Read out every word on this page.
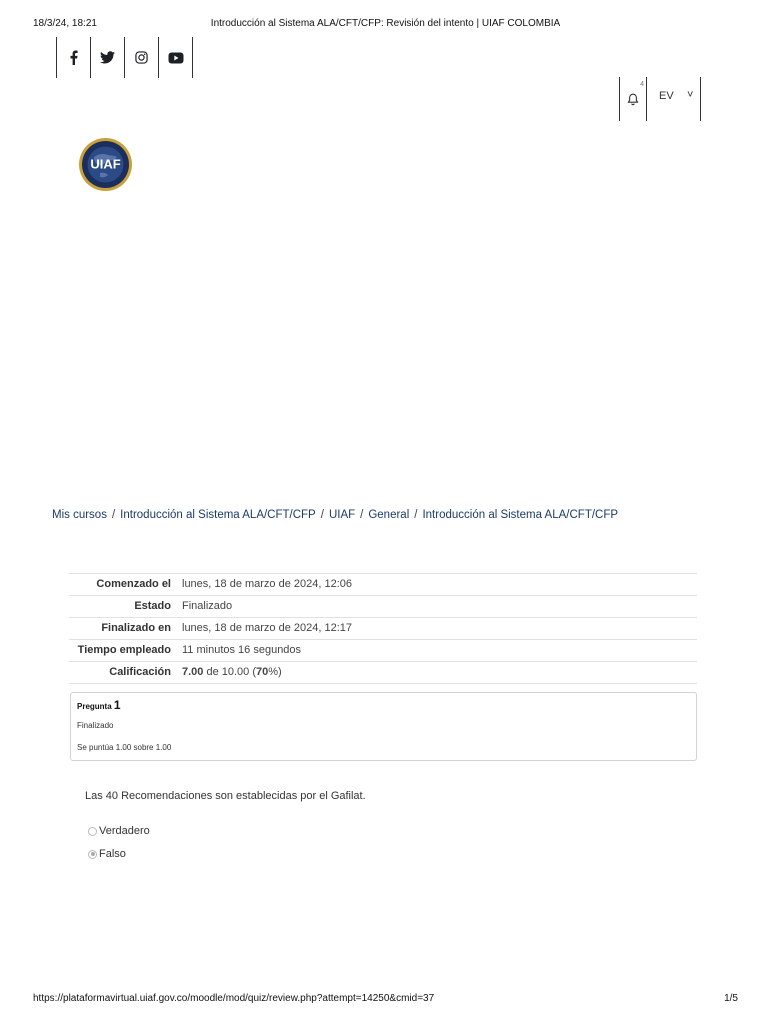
18/3/24, 18:21	Introducción al Sistema ALA/CFT/CFP: Revisión del intento | UIAF COLOMBIA
4
EV ˅
UIAF
Mis cursos / Introducción al Sistema ALA/CFT/CFP / UIAF / General / Introducción al Sistema ALA/CFT/CFP
Comenzado el	lunes, 18 de marzo de 2024, 12:06
Estado	Finalizado
Finalizado en	lunes, 18 de marzo de 2024, 12:17
Tiempo empleado	11 minutos 16 segundos
Calificación	7.00 de 10.00 (70%)
Pregunta 1
Finalizado
Se puntúa 1.00 sobre 1.00
Las 40 Recomendaciones son establecidas por el Gafilat.
Verdadero
Falso
https://plataformavirtual.uiaf.gov.co/moodle/mod/quiz/review.php?attempt=14250&cmid=37	1/5
